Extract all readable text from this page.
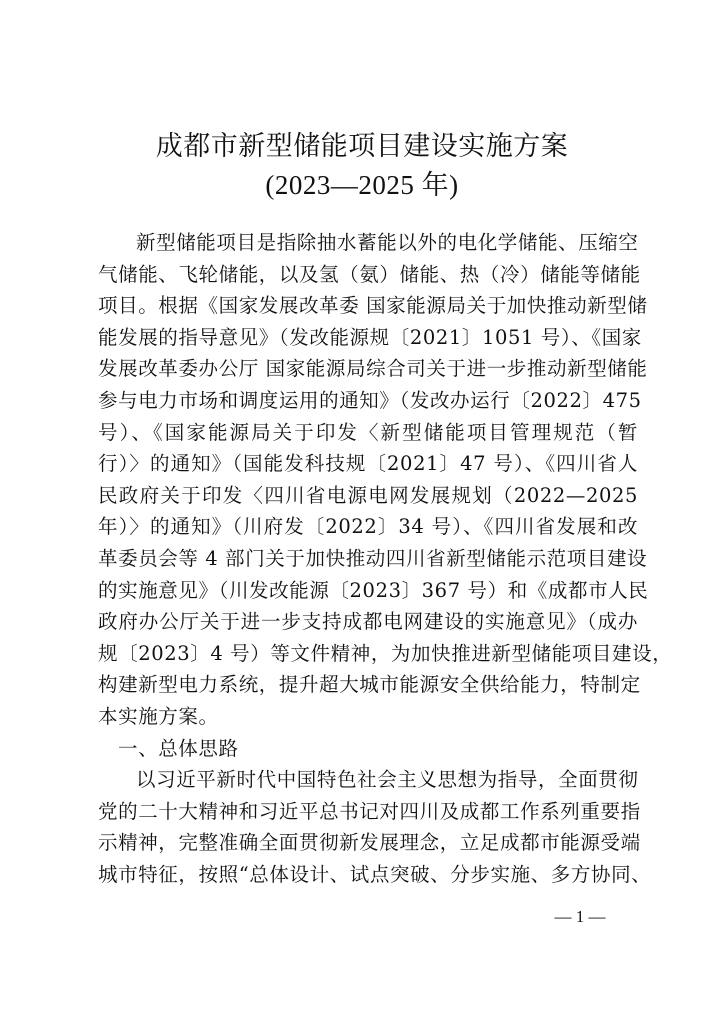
成都市新型储能项目建设实施方案
(2023—2025 年)
新型储能项目是指除抽水蓄能以外的电化学储能、压缩空
气储能、飞轮储能，以及氢（氨）储能、热（冷）储能等储能
项目。根据《国家发展改革委 国家能源局关于加快推动新型储
能发展的指导意见》（发改能源规〔2021〕1051 号）、《国家
发展改革委办公厅 国家能源局综合司关于进一步推动新型储能
参与电力市场和调度运用的通知》（发改办运行〔2022〕475
号）、《国家能源局关于印发〈新型储能项目管理规范（暂
行）〉的通知》（国能发科技规〔2021〕47 号）、《四川省人
民政府关于印发〈四川省电源电网发展规划（2022—2025
年）〉的通知》（川府发〔2022〕34 号）、《四川省发展和改
革委员会等 4 部门关于加快推动四川省新型储能示范项目建设
的实施意见》（川发改能源〔2023〕367 号）和《成都市人民
政府办公厅关于进一步支持成都电网建设的实施意见》（成办
规〔2023〕4 号）等文件精神，为加快推进新型储能项目建设，
构建新型电力系统，提升超大城市能源安全供给能力，特制定
本实施方案。
一、总体思路
以习近平新时代中国特色社会主义思想为指导，全面贯彻
党的二十大精神和习近平总书记对四川及成都工作系列重要指
示精神，完整准确全面贯彻新发展理念，立足成都市能源受端
城市特征，按照“总体设计、试点突破、分步实施、多方协同、
— 1 —
